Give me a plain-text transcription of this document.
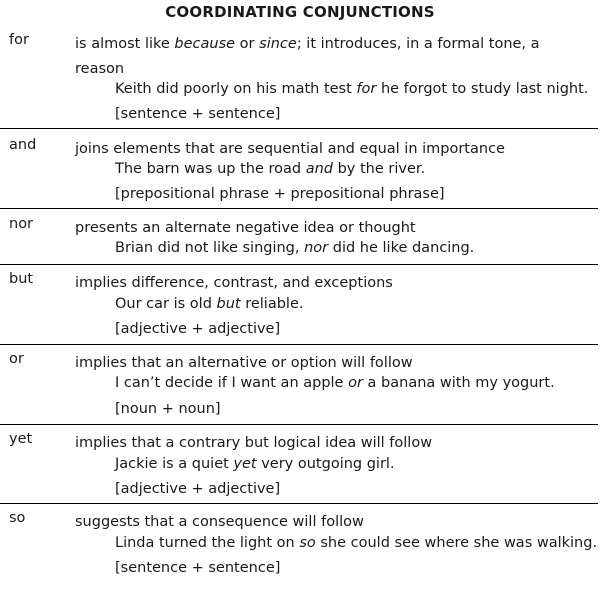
COORDINATING CONJUNCTIONS
for	is almost like because or since; it introduces, in a formal tone, a reason
Keith did poorly on his math test for he forgot to study last night.
[sentence + sentence]
and	joins elements that are sequential and equal in importance
The barn was up the road and by the river.
[prepositional phrase + prepositional phrase]
nor	presents an alternate negative idea or thought
Brian did not like singing, nor did he like dancing.
but	implies difference, contrast, and exceptions
Our car is old but reliable.
[adjective + adjective]
or	implies that an alternative or option will follow
I can’t decide if I want an apple or a banana with my yogurt.
[noun + noun]
yet	implies that a contrary but logical idea will follow
Jackie is a quiet yet very outgoing girl.
[adjective + adjective]
so	suggests that a consequence will follow
Linda turned the light on so she could see where she was walking.
[sentence + sentence]
